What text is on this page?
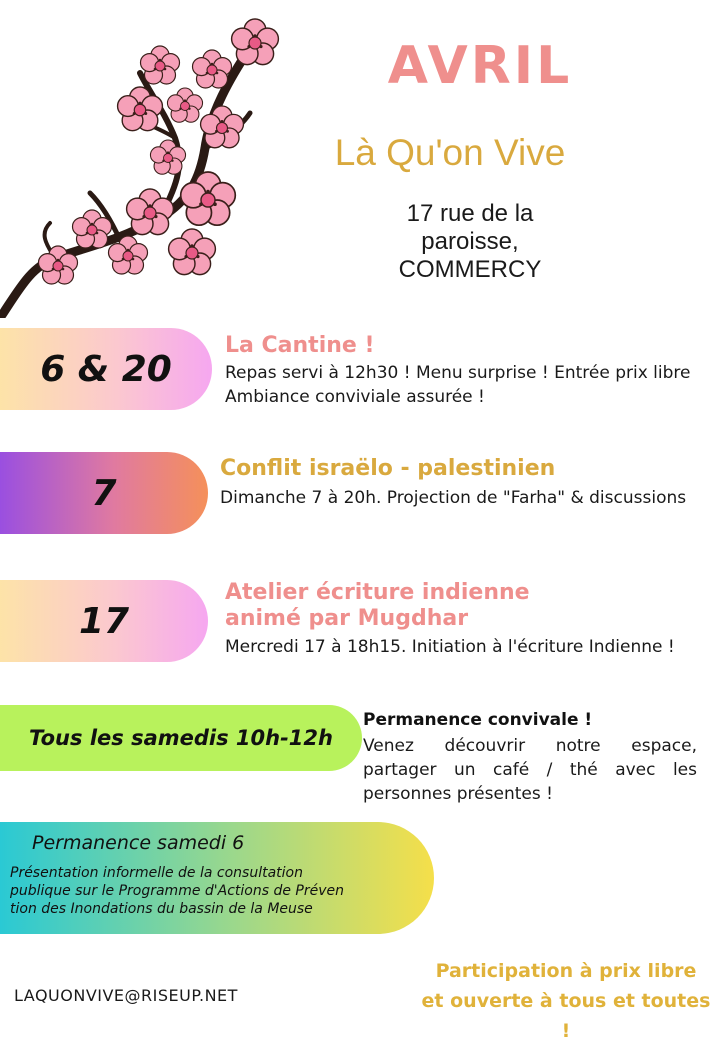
AVRIL
Là Qu'on Vive
17 rue de la
paroisse,
COMMERCY
6 & 20
La Cantine !
Repas servi à 12h30 ! Menu surprise ! Entrée prix libre
Ambiance conviviale assurée !
7
Conflit israëlo - palestinien
Dimanche 7 à 20h. Projection de "Farha" & discussions
17
Atelier écriture indienne
animé par Mugdhar
Mercredi 17 à 18h15. Initiation à l'écriture Indienne !
Tous les samedis 10h-12h
Permanence convivale !
Venez découvrir notre espace, partager un café / thé avec les personnes présentes !
Permanence samedi 6
Présentation informelle de la consultation
publique sur le Programme d'Actions de Préven
tion des Inondations du bassin de la Meuse
LAQUONVIVE@RISEUP.NET
Participation à prix libre
et ouverte à tous et toutes !
